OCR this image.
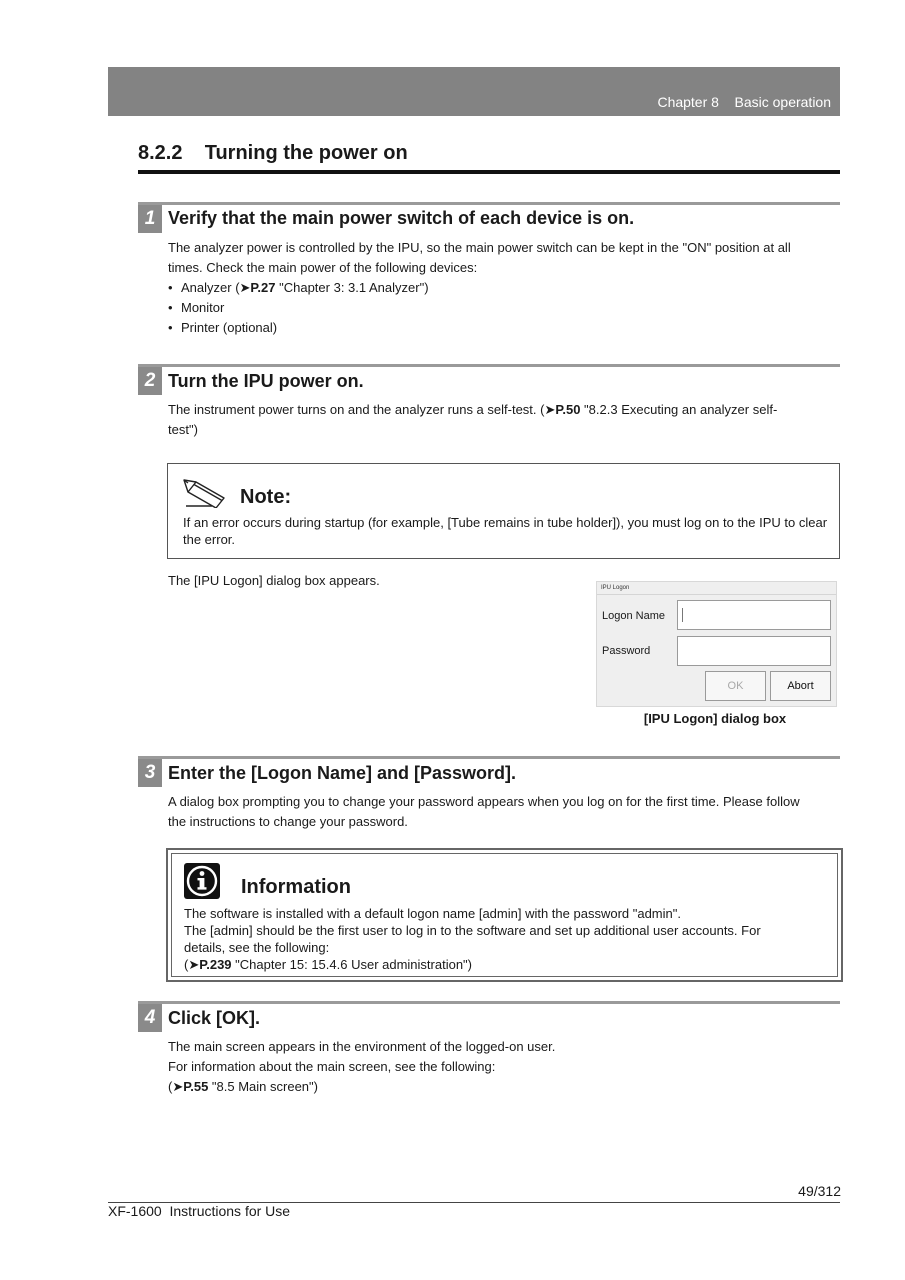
Chapter 8    Basic operation
8.2.2 Turning the power on
1 Verify that the main power switch of each device is on.
The analyzer power is controlled by the IPU, so the main power switch can be kept in the "ON" position at all
times. Check the main power of the following devices:
• Analyzer (➤P.27 "Chapter 3: 3.1 Analyzer")
• Monitor
• Printer (optional)
2 Turn the IPU power on.
The instrument power turns on and the analyzer runs a self-test. (➤P.50 "8.2.3 Executing an analyzer self-
test")
Note:
If an error occurs during startup (for example, [Tube remains in tube holder]), you must log on to the IPU to clear the error.
The [IPU Logon] dialog box appears.	IPU Logon
Logon Name
Password
OK	Abort
[IPU Logon] dialog box
3 Enter the [Logon Name] and [Password].
A dialog box prompting you to change your password appears when you log on for the first time. Please follow
the instructions to change your password.
Information
The software is installed with a default logon name [admin] with the password "admin".
The [admin] should be the first user to log in to the software and set up additional user accounts. For
details, see the following:
(➤P.239 "Chapter 15: 15.4.6 User administration")
4 Click [OK].
The main screen appears in the environment of the logged-on user.
For information about the main screen, see the following:
(➤P.55 "8.5 Main screen")
49/312
XF-1600  Instructions for Use
